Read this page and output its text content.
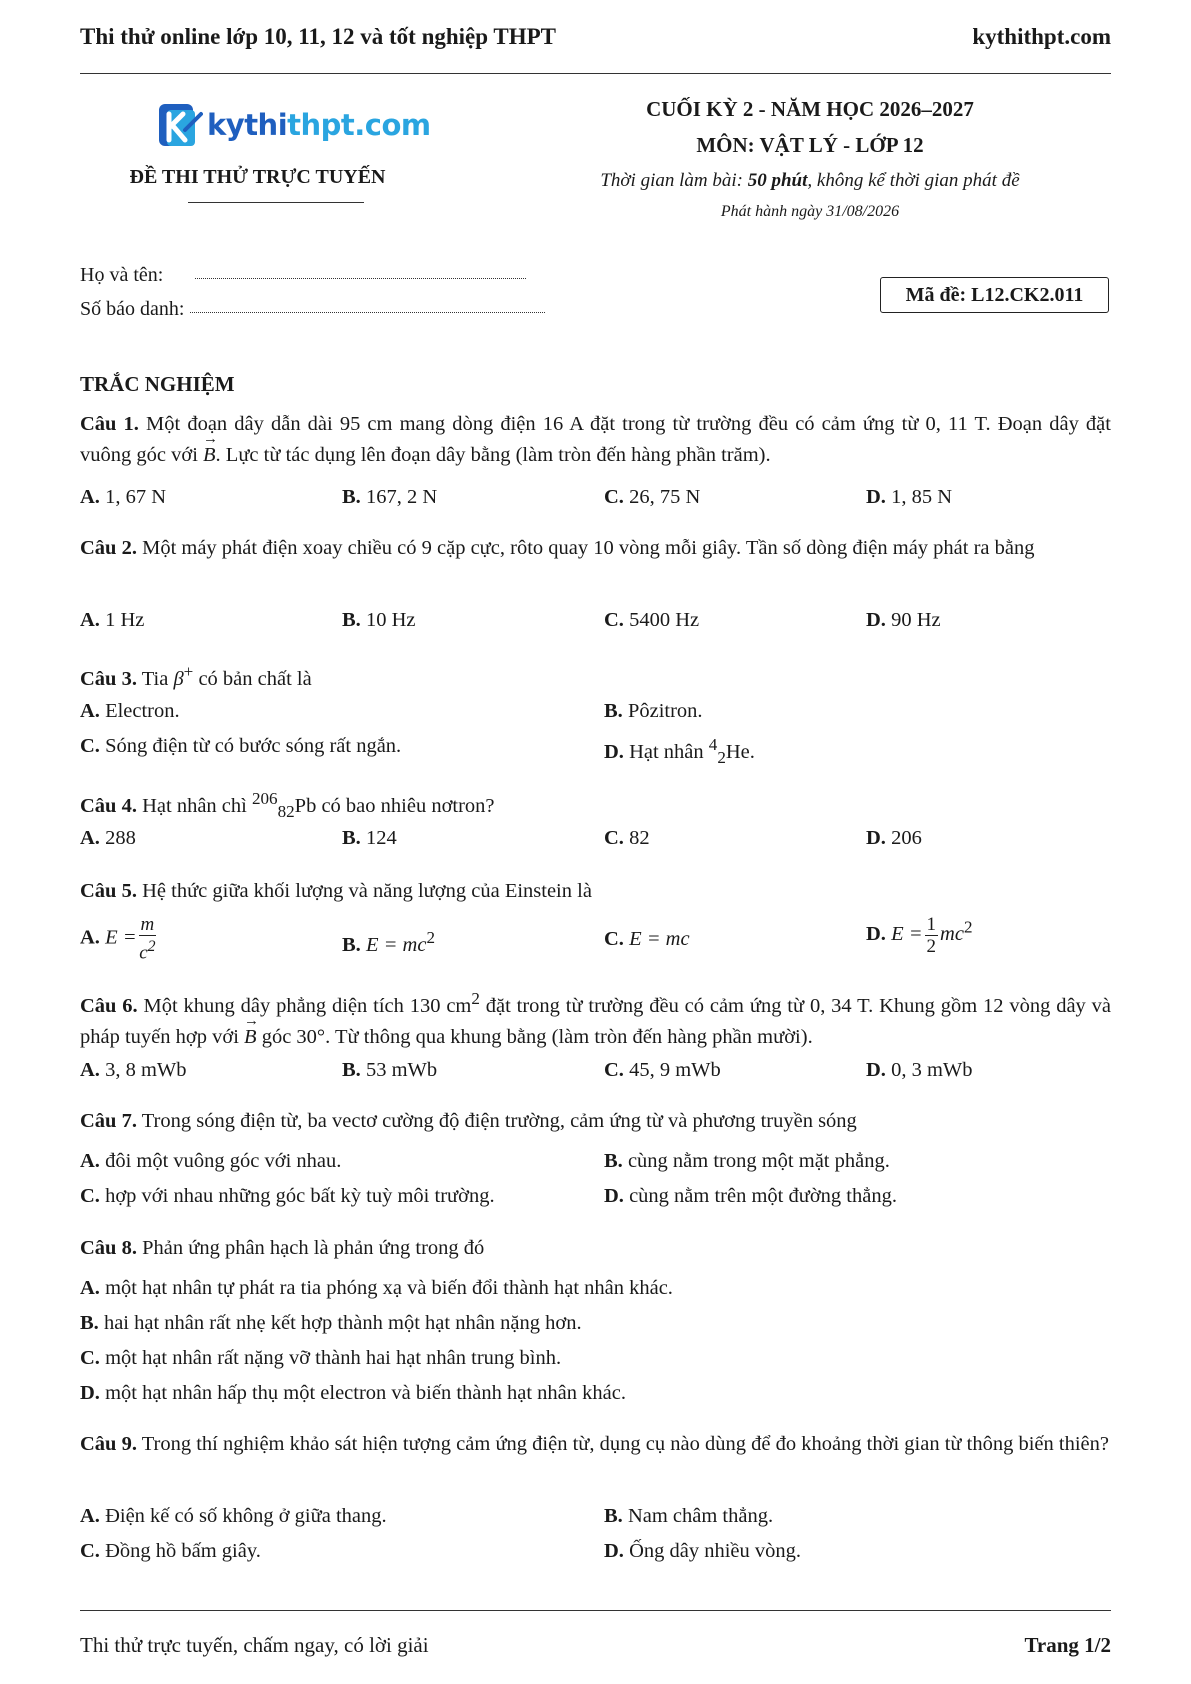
Thi thử online lớp 10, 11, 12 và tốt nghiệp THPT	kythithpt.com
kythithpt.com
ĐỀ THI THỬ TRỰC TUYẾN
CUỐI KỲ 2 - NĂM HỌC 2026–2027
MÔN: VẬT LÝ - LỚP 12
Thời gian làm bài: 50 phút, không kể thời gian phát đề
Phát hành ngày 31/08/2026
Họ và tên:
Số báo danh:
Mã đề: L12.CK2.011
TRẮC NGHIỆM
Câu 1. Một đoạn dây dẫn dài 95 cm mang dòng điện 16 A đặt trong từ trường đều có cảm ứng từ 0, 11 T. Đoạn dây đặt vuông góc với → B. Lực từ tác dụng lên đoạn dây bằng (làm tròn đến hàng phần trăm).
A. 1, 67 N	B. 167, 2 N	C. 26, 75 N	D. 1, 85 N
Câu 2. Một máy phát điện xoay chiều có 9 cặp cực, rôto quay 10 vòng mỗi giây. Tần số dòng điện máy phát ra bằng
A. 1 Hz	B. 10 Hz	C. 5400 Hz	D. 90 Hz
Câu 3. Tia β+ có bản chất là
A. Electron.	B. Pôzitron.
C. Sóng điện từ có bước sóng rất ngắn.	D. Hạt nhân $^4_2$He.
Câu 4. Hạt nhân chì $^{206}_{82}$Pb có bao nhiêu nơtron?
A. 288	B. 124	C. 82	D. 206
Câu 5. Hệ thức giữa khối lượng và năng lượng của Einstein là
A. $E = \frac{m}{c^2}$	B. $E = mc^2$	C. E = mc	D. $E = \frac{1}{2} mc^2$
Câu 6. Một khung dây phẳng diện tích 130 $cm^2$ đặt trong từ trường đều có cảm ứng từ 0, 34 T. Khung gồm 12 vòng dây và pháp tuyến hợp với → B góc 30°. Từ thông qua khung bằng (làm tròn đến hàng phần mười).
A. 3, 8 mWb	B. 53 mWb	C. 45, 9 mWb	D. 0, 3 mWb
Câu 7. Trong sóng điện từ, ba vectơ cường độ điện trường, cảm ứng từ và phương truyền sóng
A. đôi một vuông góc với nhau.	B. cùng nằm trong một mặt phẳng.
C. hợp với nhau những góc bất kỳ tuỳ môi trường.	D. cùng nằm trên một đường thẳng.
Câu 8. Phản ứng phân hạch là phản ứng trong đó
A. một hạt nhân tự phát ra tia phóng xạ và biến đổi thành hạt nhân khác.
B. hai hạt nhân rất nhẹ kết hợp thành một hạt nhân nặng hơn.
C. một hạt nhân rất nặng vỡ thành hai hạt nhân trung bình.
D. một hạt nhân hấp thụ một electron và biến thành hạt nhân khác.
Câu 9. Trong thí nghiệm khảo sát hiện tượng cảm ứng điện từ, dụng cụ nào dùng để đo khoảng thời gian từ thông biến thiên?
A. Điện kế có số không ở giữa thang.	B. Nam châm thẳng.
C. Đồng hồ bấm giây.	D. Ống dây nhiều vòng.
Thi thử trực tuyến, chấm ngay, có lời giải	Trang 1/2
